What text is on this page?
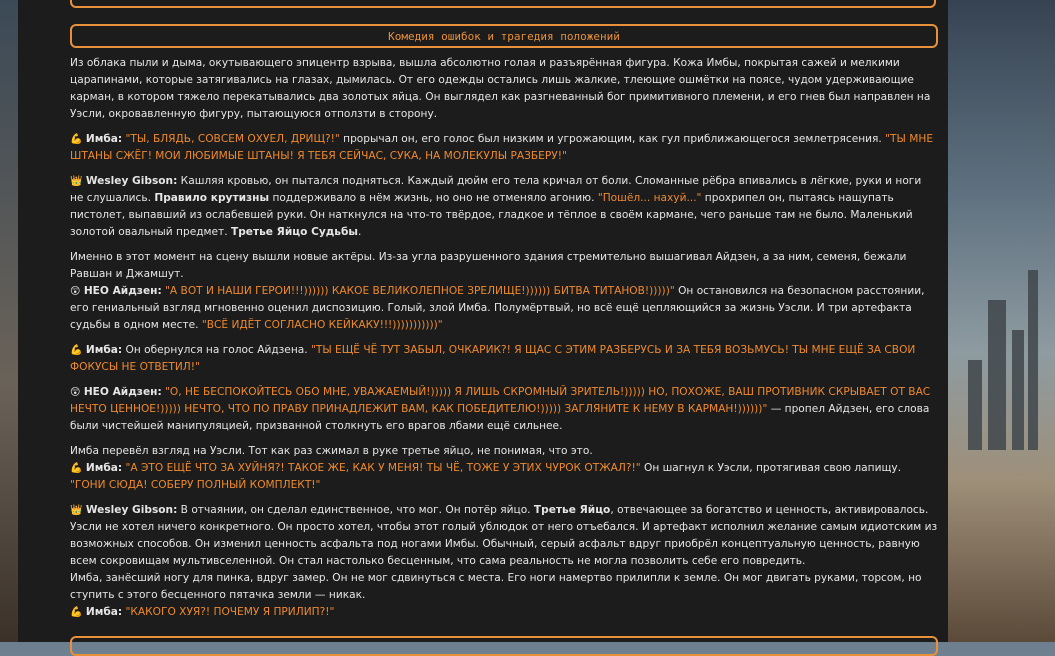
Комедия ошибок и трагедия положений

Из облака пыли и дыма, окутывающего эпицентр взрыва, вышла абсолютно голая и разъярённая фигура. Кожа Имбы, покрытая сажей и мелкими царапинами, которые затягивались на глазах, дымилась. От его одежды остались лишь жалкие, тлеющие ошмётки на поясе, чудом удерживающие карман, в котором тяжело перекатывались два золотых яйца. Он выглядел как разгневанный бог примитивного племени, и его гнев был направлен на Уэсли, окровавленную фигуру, пытающуюся отползти в сторону.

💪 Имба: "ТЫ, БЛЯДЬ, СОВСЕМ ОХУЕЛ, ДРИЩ?!" прорычал он, его голос был низким и угрожающим, как гул приближающегося землетрясения. "ТЫ МНЕ ШТАНЫ СЖЁГ! МОИ ЛЮБИМЫЕ ШТАНЫ! Я ТЕБЯ СЕЙЧАС, СУКА, НА МОЛЕКУЛЫ РАЗБЕРУ!"

👑 Wesley Gibson: Кашляя кровью, он пытался подняться. Каждый дюйм его тела кричал от боли. Сломанные рёбра впивались в лёгкие, руки и ноги не слушались. Правило крутизны поддерживало в нём жизнь, но оно не отменяло агонию. "Пошёл... нахуй..." прохрипел он, пытаясь нащупать пистолет, выпавший из ослабевшей руки. Он наткнулся на что-то твёрдое, гладкое и тёплое в своём кармане, чего раньше там не было. Маленький золотой овальный предмет. Третье Яйцо Судьбы.

Именно в этот момент на сцену вышли новые актёры. Из-за угла разрушенного здания стремительно вышагивал Айдзен, а за ним, семеня, бежали Равшан и Джамшут.

😲 НЕО Айдзен: "А ВОТ И НАШИ ГЕРОИ!!!)))))) КАКОЕ ВЕЛИКОЛЕПНОЕ ЗРЕЛИЩЕ!)))))) БИТВА ТИТАНОВ!)))))" Он остановился на безопасном расстоянии, его гениальный взгляд мгновенно оценил диспозицию. Голый, злой Имба. Полумёртвый, но всё ещё цепляющийся за жизнь Уэсли. И три артефакта судьбы в одном месте. "ВСЁ ИДЁТ СОГЛАСНО КЕЙКАКУ!!!)))))))))))"

💪 Имба: Он обернулся на голос Айдзена. "ТЫ ЕЩЁ ЧЁ ТУТ ЗАБЫЛ, ОЧКАРИК?! Я ЩАС С ЭТИМ РАЗБЕРУСЬ И ЗА ТЕБЯ ВОЗЬМУСЬ! ТЫ МНЕ ЕЩЁ ЗА СВОИ ФОКУСЫ НЕ ОТВЕТИЛ!"

😲 НЕО Айдзен: "О, НЕ БЕСПОКОЙТЕСЬ ОБО МНЕ, УВАЖАЕМЫЙ!))))) Я ЛИШЬ СКРОМНЫЙ ЗРИТЕЛЬ!))))) НО, ПОХОЖЕ, ВАШ ПРОТИВНИК СКРЫВАЕТ ОТ ВАС НЕЧТО ЦЕННОЕ!))))) НЕЧТО, ЧТО ПО ПРАВУ ПРИНАДЛЕЖИТ ВАМ, КАК ПОБЕДИТЕЛЮ!))))) ЗАГЛЯНИТЕ К НЕМУ В КАРМАН!))))))" — пропел Айдзен, его слова были чистейшей манипуляцией, призванной столкнуть его врагов лбами ещё сильнее.

Имба перевёл взгляд на Уэсли. Тот как раз сжимал в руке третье яйцо, не понимая, что это.

💪 Имба: "А ЭТО ЕЩЁ ЧТО ЗА ХУЙНЯ?! ТАКОЕ ЖЕ, КАК У МЕНЯ! ТЫ ЧЁ, ТОЖЕ У ЭТИХ ЧУРОК ОТЖАЛ?!" Он шагнул к Уэсли, протягивая свою лапищу. "ГОНИ СЮДА! СОБЕРУ ПОЛНЫЙ КОМПЛЕКТ!"

👑 Wesley Gibson: В отчаянии, он сделал единственное, что мог. Он потёр яйцо. Третье Яйцо, отвечающее за богатство и ценность, активировалось. Уэсли не хотел ничего конкретного. Он просто хотел, чтобы этот голый ублюдок от него отъебался. И артефакт исполнил желание самым идиотским из возможных способов. Он изменил ценность асфальта под ногами Имбы. Обычный, серый асфальт вдруг приобрёл концептуальную ценность, равную всем сокровищам мультивселенной. Он стал настолько бесценным, что сама реальность не могла позволить себе его повредить.

Имба, занёсший ногу для пинка, вдруг замер. Он не мог сдвинуться с места. Его ноги намертво прилипли к земле. Он мог двигать руками, торсом, но ступить с этого бесценного пятачка земли — никак.

💪 Имба: "КАКОГО ХУЯ?! ПОЧЕМУ Я ПРИЛИП?!"
